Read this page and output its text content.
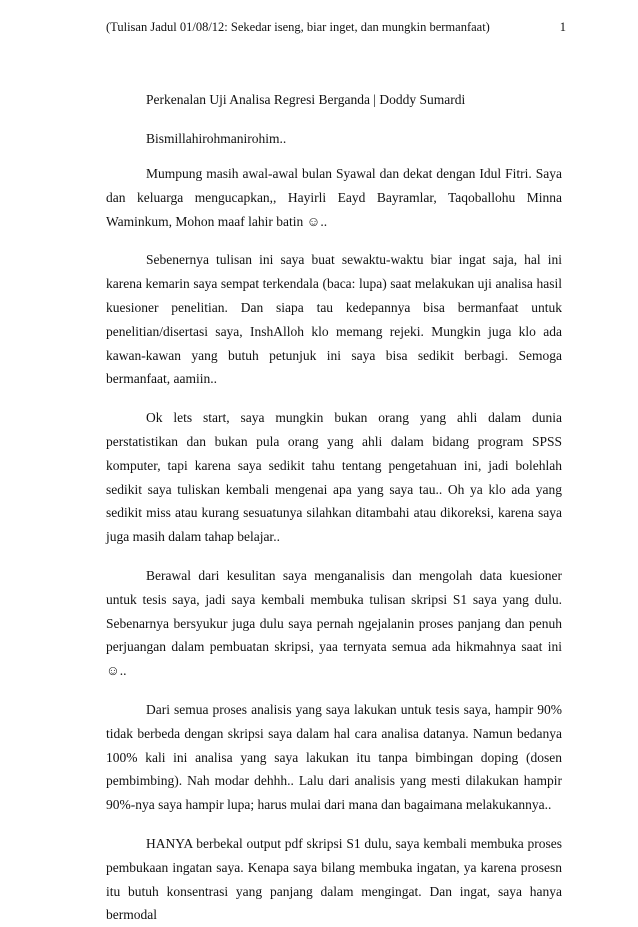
(Tulisan Jadul 01/08/12: Sekedar iseng, biar inget, dan mungkin bermanfaat)	1

Perkenalan Uji Analisa Regresi Berganda | Doddy Sumardi

Bismillahirohmanirohim..

Mumpung masih awal-awal bulan Syawal dan dekat dengan Idul Fitri. Saya dan keluarga mengucapkan,, Hayirli Eayd Bayramlar, Taqoballohu Minna Waminkum, Mohon maaf lahir batin ☺..

Sebenernya tulisan ini saya buat sewaktu-waktu biar ingat saja, hal ini karena kemarin saya sempat terkendala (baca: lupa) saat melakukan uji analisa hasil kuesioner penelitian. Dan siapa tau kedepannya bisa bermanfaat untuk penelitian/disertasi saya, InshAlloh klo memang rejeki. Mungkin juga klo ada kawan-kawan yang butuh petunjuk ini saya bisa sedikit berbagi. Semoga bermanfaat, aamiin..

Ok lets start, saya mungkin bukan orang yang ahli dalam dunia perstatistikan dan bukan pula orang yang ahli dalam bidang program SPSS komputer, tapi karena saya sedikit tahu tentang pengetahuan ini, jadi bolehlah sedikit saya tuliskan kembali mengenai apa yang saya tau.. Oh ya klo ada yang sedikit miss atau kurang sesuatunya silahkan ditambahi atau dikoreksi, karena saya juga masih dalam tahap belajar..

Berawal dari kesulitan saya menganalisis dan mengolah data kuesioner untuk tesis saya, jadi saya kembali membuka tulisan skripsi S1 saya yang dulu. Sebenarnya bersyukur juga dulu saya pernah ngejalanin proses panjang dan penuh perjuangan dalam pembuatan skripsi, yaa ternyata semua ada hikmahnya saat ini ☺..

Dari semua proses analisis yang saya lakukan untuk tesis saya, hampir 90% tidak berbeda dengan skripsi saya dalam hal cara analisa datanya. Namun bedanya 100% kali ini analisa yang saya lakukan itu tanpa bimbingan doping (dosen pembimbing). Nah modar dehhh.. Lalu dari analisis yang mesti dilakukan hampir 90%-nya saya hampir lupa; harus mulai dari mana dan bagaimana melakukannya..

HANYA berbekal output pdf skripsi S1 dulu, saya kembali membuka proses pembukaan ingatan saya. Kenapa saya bilang membuka ingatan, ya karena prosesn itu butuh konsentrasi yang panjang dalam mengingat. Dan ingat, saya hanya bermodal
